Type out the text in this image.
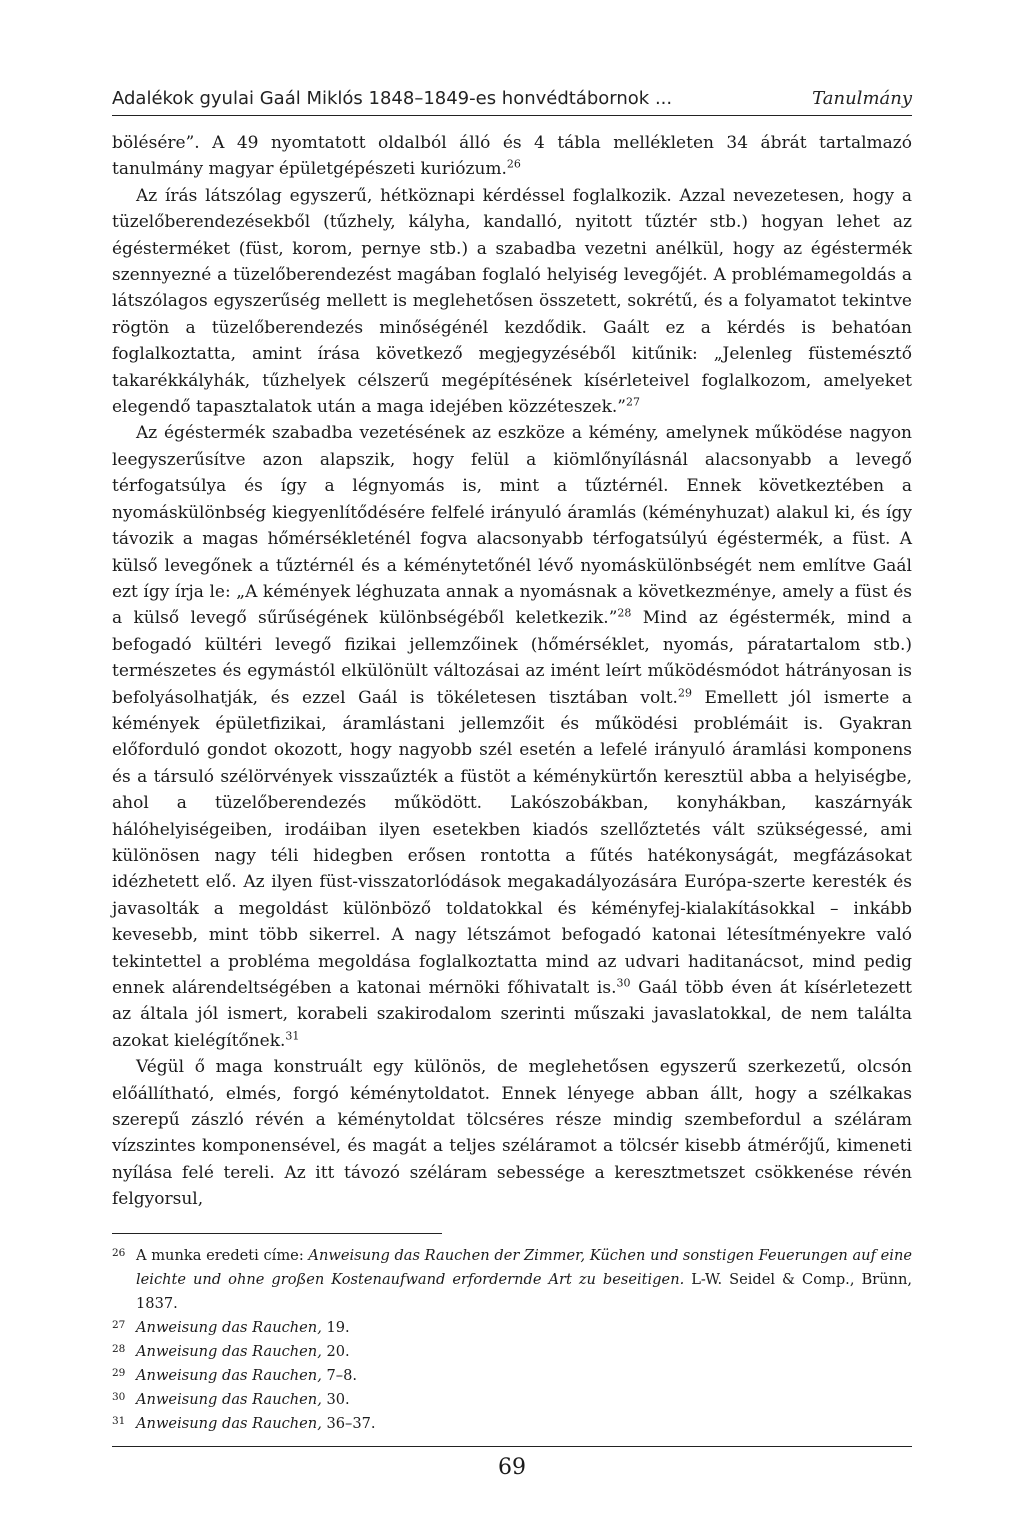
Adalékok gyulai Gaál Miklós 1848–1849-es honvédtábornok ...	Tanulmány

bölésére”. A 49 nyomtatott oldalból álló és 4 tábla mellékleten 34 ábrát tartalmazó tanulmány magyar épületgépészeti kuriózum.$^{26}$

Az írás látszólag egyszerű, hétköznapi kérdéssel foglalkozik. Azzal nevezetesen, hogy a tüzelőberendezésekből (tűzhely, kályha, kandalló, nyitott tűztér stb.) hogyan lehet az égésterméket (füst, korom, pernye stb.) a szabadba vezetni anélkül, hogy az égéstermék szennyezné a tüzelőberendezést magában foglaló helyiség levegőjét. A problémamegoldás a látszólagos egyszerűség mellett is meglehetősen összetett, sokrétű, és a folyamatot tekintve rögtön a tüzelőberendezés minőségénél kezdődik. Gaált ez a kérdés is behatóan foglalkoztatta, amint írása következő megjegyzéséből kitűnik: „Jelenleg füstemésztő takarékkályhák, tűzhelyek célszerű megépítésének kísérleteivel foglalkozom, amelyeket elegendő tapasztalatok után a maga idejében közzéteszek.”$^{27}$

Az égéstermék szabadba vezetésének az eszköze a kémény, amelynek működése nagyon leegyszerűsítve azon alapszik, hogy felül a kiömlőnyílásnál alacsonyabb a levegő térfogatsúlya és így a légnyomás is, mint a tűztérnél. Ennek következtében a nyomáskülönbség kiegyenlítődésére felfelé irányuló áramlás (kéményhuzat) alakul ki, és így távozik a magas hőmérsékleténél fogva alacsonyabb térfogatsúlyú égéstermék, a füst. A külső levegőnek a tűztérnél és a kéménytetőnél lévő nyomáskülönbségét nem említve Gaál ezt így írja le: „A kémények léghuzata annak a nyomásnak a következménye, amely a füst és a külső levegő sűrűségének különbségéből keletkezik.”$^{28}$ Mind az égéstermék, mind a befogadó kültéri levegő fizikai jellemzőinek (hőmérséklet, nyomás, páratartalom stb.) természetes és egymástól elkülönült változásai az imént leírt működésmódot hátrányosan is befolyásolhatják, és ezzel Gaál is tökéletesen tisztában volt.$^{29}$ Emellett jól ismerte a kémények épületfizikai, áramlástani jellemzőit és működési problémáit is. Gyakran előforduló gondot okozott, hogy nagyobb szél esetén a lefelé irányuló áramlási komponens és a társuló szélörvények visszaűzték a füstöt a kéménykürtőn keresztül abba a helyiségbe, ahol a tüzelőberendezés működött. Lakószobákban, konyhákban, kaszárnyák hálóhelyiségeiben, irodáiban ilyen esetekben kiadós szellőztetés vált szükségessé, ami különösen nagy téli hidegben erősen rontotta a fűtés hatékonyságát, megfázásokat idézhetett elő. Az ilyen füst-visszatorlódások megakadályozására Európa-szerte keresték és javasolták a megoldást különböző toldatokkal és kéményfej-kialakításokkal – inkább kevesebb, mint több sikerrel. A nagy létszámot befogadó katonai létesítményekre való tekintettel a probléma megoldása foglalkoztatta mind az udvari haditanácsot, mind pedig ennek alárendeltségében a katonai mérnöki főhivatalt is.$^{30}$ Gaál több éven át kísérletezett az általa jól ismert, korabeli szakirodalom szerinti műszaki javaslatokkal, de nem találta azokat kielégítőnek.$^{31}$

Végül ő maga konstruált egy különös, de meglehetősen egyszerű szerkezetű, olcsón előállítható, elmés, forgó kéménytoldatot. Ennek lényege abban állt, hogy a szélkakas szerepű zászló révén a kéménytoldat tölcséres része mindig szembefordul a széláram vízszintes komponensével, és magát a teljes széláramot a tölcsér kisebb átmérőjű, kimeneti nyílása felé tereli. Az itt távozó széláram sebessége a keresztmetszet csökkenése révén felgyorsul,

26 A munka eredeti címe: Anweisung das Rauchen der Zimmer, Küchen und sonstigen Feuerungen auf eine leichte und ohne großen Kostenaufwand erfordernde Art zu beseitigen. L-W. Seidel & Comp., Brünn, 1837.
27 Anweisung das Rauchen, 19.
28 Anweisung das Rauchen, 20.
29 Anweisung das Rauchen, 7–8.
30 Anweisung das Rauchen, 30.
31 Anweisung das Rauchen, 36–37.
69
